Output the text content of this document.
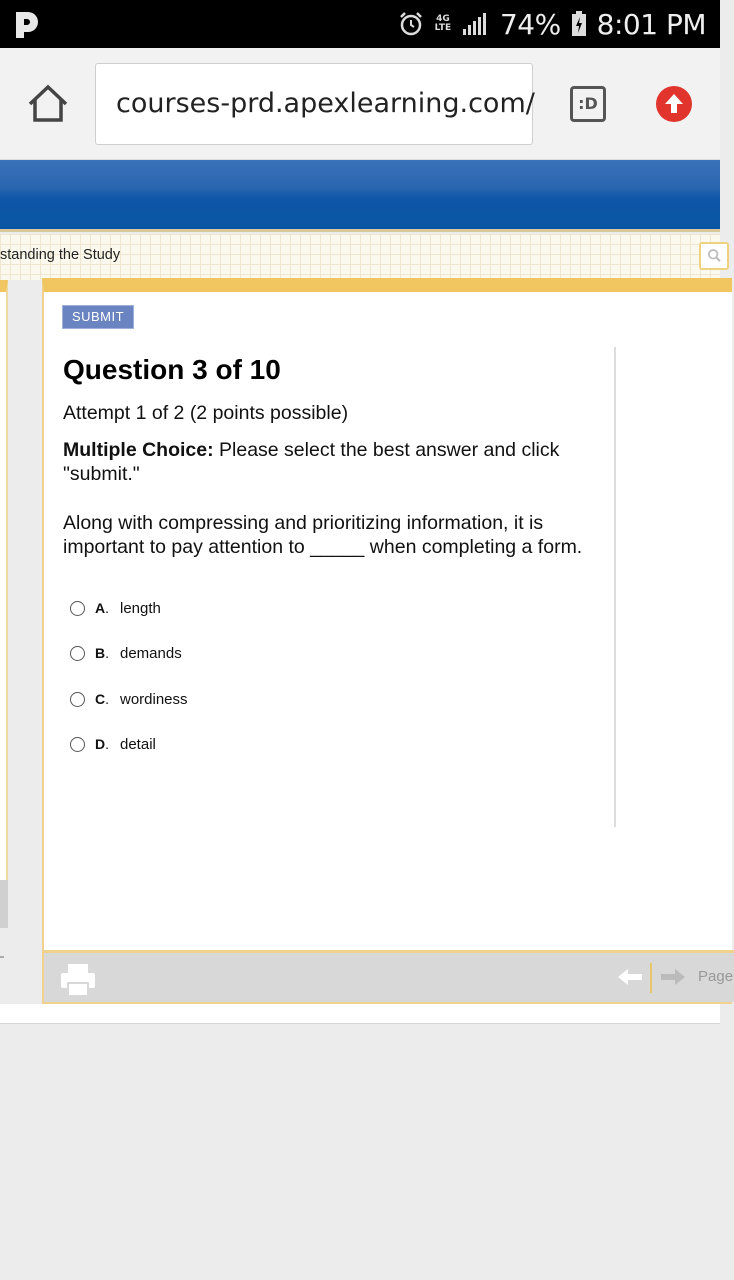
4G LTE 74% 8:01 PM
courses-prd.apexlearning.com/	:D
standing the Study
SUBMIT
Question 3 of 10
Attempt 1 of 2 (2 points possible)
Multiple Choice: Please select the best answer and click "submit."
Along with compressing and prioritizing information, it is important to pay attention to _____ when completing a form.
A. length
B. demands
C. wordiness
D. detail
Page
